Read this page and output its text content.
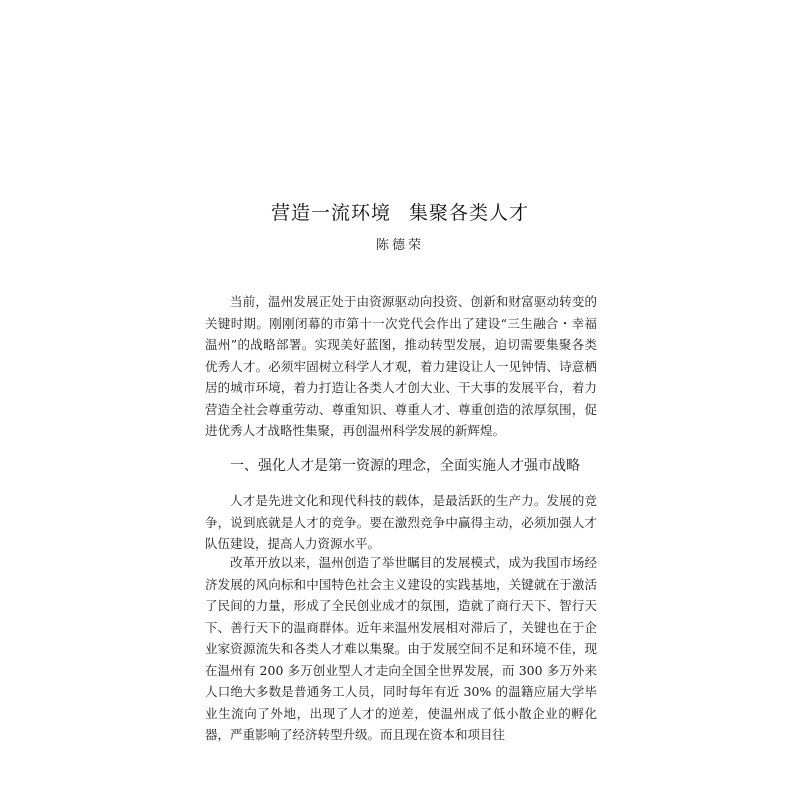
营造一流环境 集聚各类人才
陈德荣

当前，温州发展正处于由资源驱动向投资、创新和财富驱动转变的关键时期。刚刚闭幕的市第十一次党代会作出了建设“三生融合・幸福温州”的战略部署。实现美好蓝图，推动转型发展，迫切需要集聚各类优秀人才。必须牢固树立科学人才观，着力建设让人一见钟情、诗意栖居的城市环境，着力打造让各类人才创大业、干大事的发展平台，着力营造全社会尊重劳动、尊重知识、尊重人才、尊重创造的浓厚氛围，促进优秀人才战略性集聚，再创温州科学发展的新辉煌。

一、强化人才是第一资源的理念，全面实施人才强市战略

人才是先进文化和现代科技的载体，是最活跃的生产力。发展的竞争，说到底就是人才的竞争。要在激烈竞争中赢得主动，必须加强人才队伍建设，提高人力资源水平。

改革开放以来，温州创造了举世瞩目的发展模式，成为我国市场经济发展的风向标和中国特色社会主义建设的实践基地，关键就在于激活了民间的力量，形成了全民创业成才的氛围，造就了商行天下、智行天下、善行天下的温商群体。近年来温州发展相对滞后了，关键也在于企业家资源流失和各类人才难以集聚。由于发展空间不足和环境不佳，现在温州有 200 多万创业型人才走向全国全世界发展，而 300 多万外来人口绝大多数是普通务工人员，同时每年有近 30% 的温籍应届大学毕业生流向了外地，出现了人才的逆差，使温州成了低小散企业的孵化器，严重影响了经济转型升级。而且现在资本和项目往
